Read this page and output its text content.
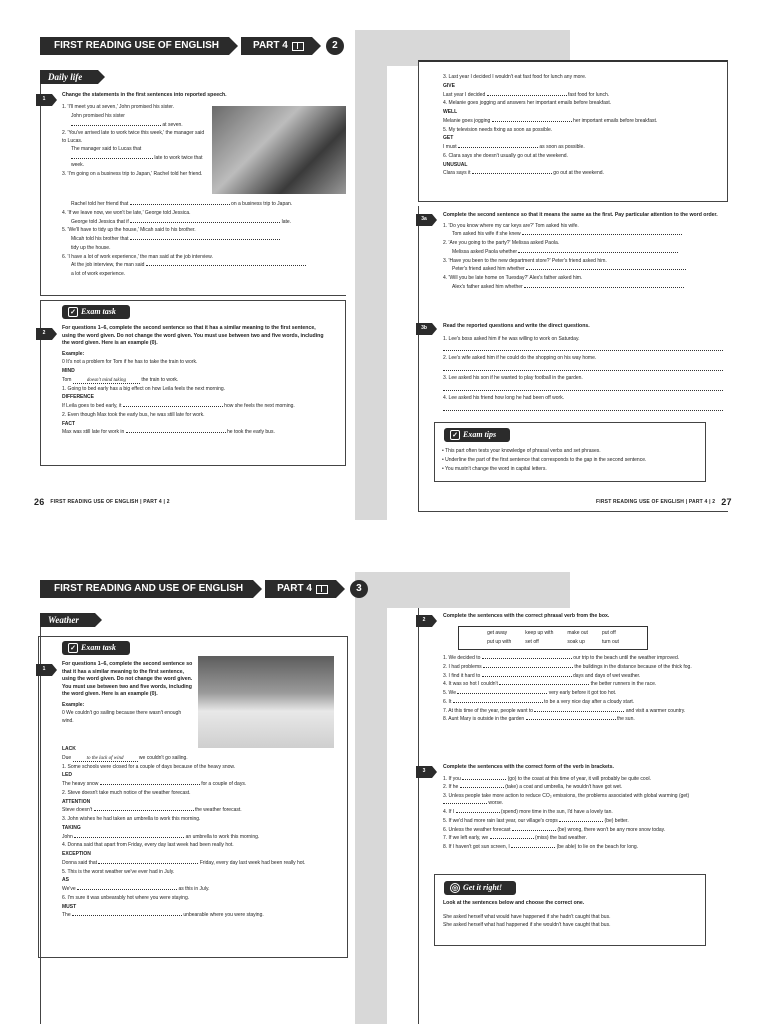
FIRST READING USE OF ENGLISH	PART 4	2
Daily life
1

Change the statements in the first sentences into reported speech.

1. 'I'll meet you at seven,' John promised his sister.

John promised his sister

at seven.

2. 'You've arrived late to work twice this week,' the manager said to Lucas.

The manager said to Lucas that

late to work twice that week.

3. 'I'm going on a business trip to Japan,' Rachel told her friend.

Rachel told her friend that	on a business trip to Japan.

4. 'If we leave now, we won't be late,' George told Jessica.

George told Jessica that if	late.

5. 'We'll have to tidy up the house,' Micah said to his brother.

Micah told his brother that

tidy up the house.

6. 'I have a lot of work experience,' the man said at the job interview.

At the job interview, the man said

a lot of work experience.

✓ Exam task
2

For questions 1–6, complete the second sentence so that it has a similar meaning to the first sentence, using the word given. Do not change the word given. You must use between two and five words, including the word given. Here is an example (0).

Example:

0 It's not a problem for Tom if he has to take the train to work.

MIND

Tom	doesn't mind taking	the train to work.

1. Going to bed early has a big effect on how Leila feels the next morning.

DIFFERENCE

If Leila goes to bed early, it	how she feels the next morning.

2. Even though Max took the early bus, he was still late for work.

FACT

Max was still late for work in	he took the early bus.

26 FIRST READING USE OF ENGLISH | PART 4 | 2

3. Last year I decided I wouldn't eat fast food for lunch any more.

GIVE

Last year I decided	fast food for lunch.

4. Melanie goes jogging and answers her important emails before breakfast.

WELL

Melanie goes jogging	her important emails before breakfast.

5. My television needs fixing as soon as possible.

GET

I must	as soon as possible.

6. Clara says she doesn't usually go out at the weekend.

UNUSUAL

Clara says it	go out at the weekend.

3a

Complete the second sentence so that it means the same as the first. Pay particular attention to the word order.

1. 'Do you know where my car keys are?' Tom asked his wife.

Tom asked his wife if she knew

2. 'Are you going to the party?' Melissa asked Paola.

Melissa asked Paola whether

3. 'Have you been to the new department store?' Peter's friend asked him.

Peter's friend asked him whether

4. 'Will you be late home on Tuesday?' Alex's father asked him.

Alex's father asked him whether

3b	Read the reported questions and write the direct questions.

1. Lee's boss asked him if he was willing to work on Saturday.

2. Lee's wife asked him if he could do the shopping on his way home.

3. Lee asked his son if he wanted to play football in the garden.

4. Lee asked his friend how long he had been off work.

✓ Exam tips

• This part often tests your knowledge of phrasal verbs and set phrases.

• Underline the part of the first sentence that corresponds to the gap in the second sentence.

• You mustn't change the word in capital letters.

FIRST READING USE OF ENGLISH | PART 4 | 2 27
FIRST READING AND USE OF ENGLISH	PART 4	3
Weather
✓ Exam task
1

For questions 1–6, complete the second sentence so that it has a similar meaning to the first sentence, using the word given. Do not change the word given. You must use between two and five words, including the word given. Here is an example (0).

Example:

0 We couldn't go sailing because there wasn't enough wind.

LACK

Due	to the lack of wind	we couldn't go sailing.

1. Some schools were closed for a couple of days because of the heavy snow.

LED

The heavy snow	for a couple of days.

2. Steve doesn't take much notice of the weather forecast.

ATTENTION

Steve doesn't	the weather forecast.

3. John wishes he had taken an umbrella to work this morning.

TAKING

John	an umbrella to work this morning.

4. Donna said that apart from Friday, every day last week had been really hot.

EXCEPTION

Donna said that	Friday, every day last week had been really hot.

5. This is the worst weather we've ever had in July.

AS

We've	as this in July.

6. I'm sure it was unbearably hot where you were staying.

MUST

The	unbearable where you were staying.

2

Complete the sentences with the correct phrasal verb from the box.

get away	keep up with	make out	put off
put up with	set off	soak up	turn out

1. We decided to	our trip to the beach until the weather improved.

2. I had problems	the buildings in the distance because of the thick fog.

3. I find it hard to	days and days of wet weather.

4. It was so hot I couldn't	the better runners in the race.

5. We	very early before it got too hot.

6. It	to be a very nice day after a cloudy start.

7. At this time of the year, people want to	and visit a warmer country.

8. Aunt Mary is outside in the garden	the sun.

3

Complete the sentences with the correct form of the verb in brackets.

1. If you	(go) to the coast at this time of year, it will probably be quite cool.

2. If he	(take) a coat and umbrella, he wouldn't have got wet.

3. Unless people take more action to reduce CO₂ emissions, the problems associated with global warming (get)  worse.

4. If I	(spend) more time in the sun, I'd have a lovely tan.

5. If we'd had more rain last year, our village's crops	(be) better.

6. Unless the weather forecast	(be) wrong, there won't be any more snow today.

7. If we left early, we	(miss) the bad weather.

8. If I haven't got sun screen, I	(be able) to lie on the beach for long.

◎ Get it right!

Look at the sentences below and choose the correct one.

She asked herself what would have happened if she hadn't caught that bus.

She asked herself what had happened if she wouldn't have caught that bus.
